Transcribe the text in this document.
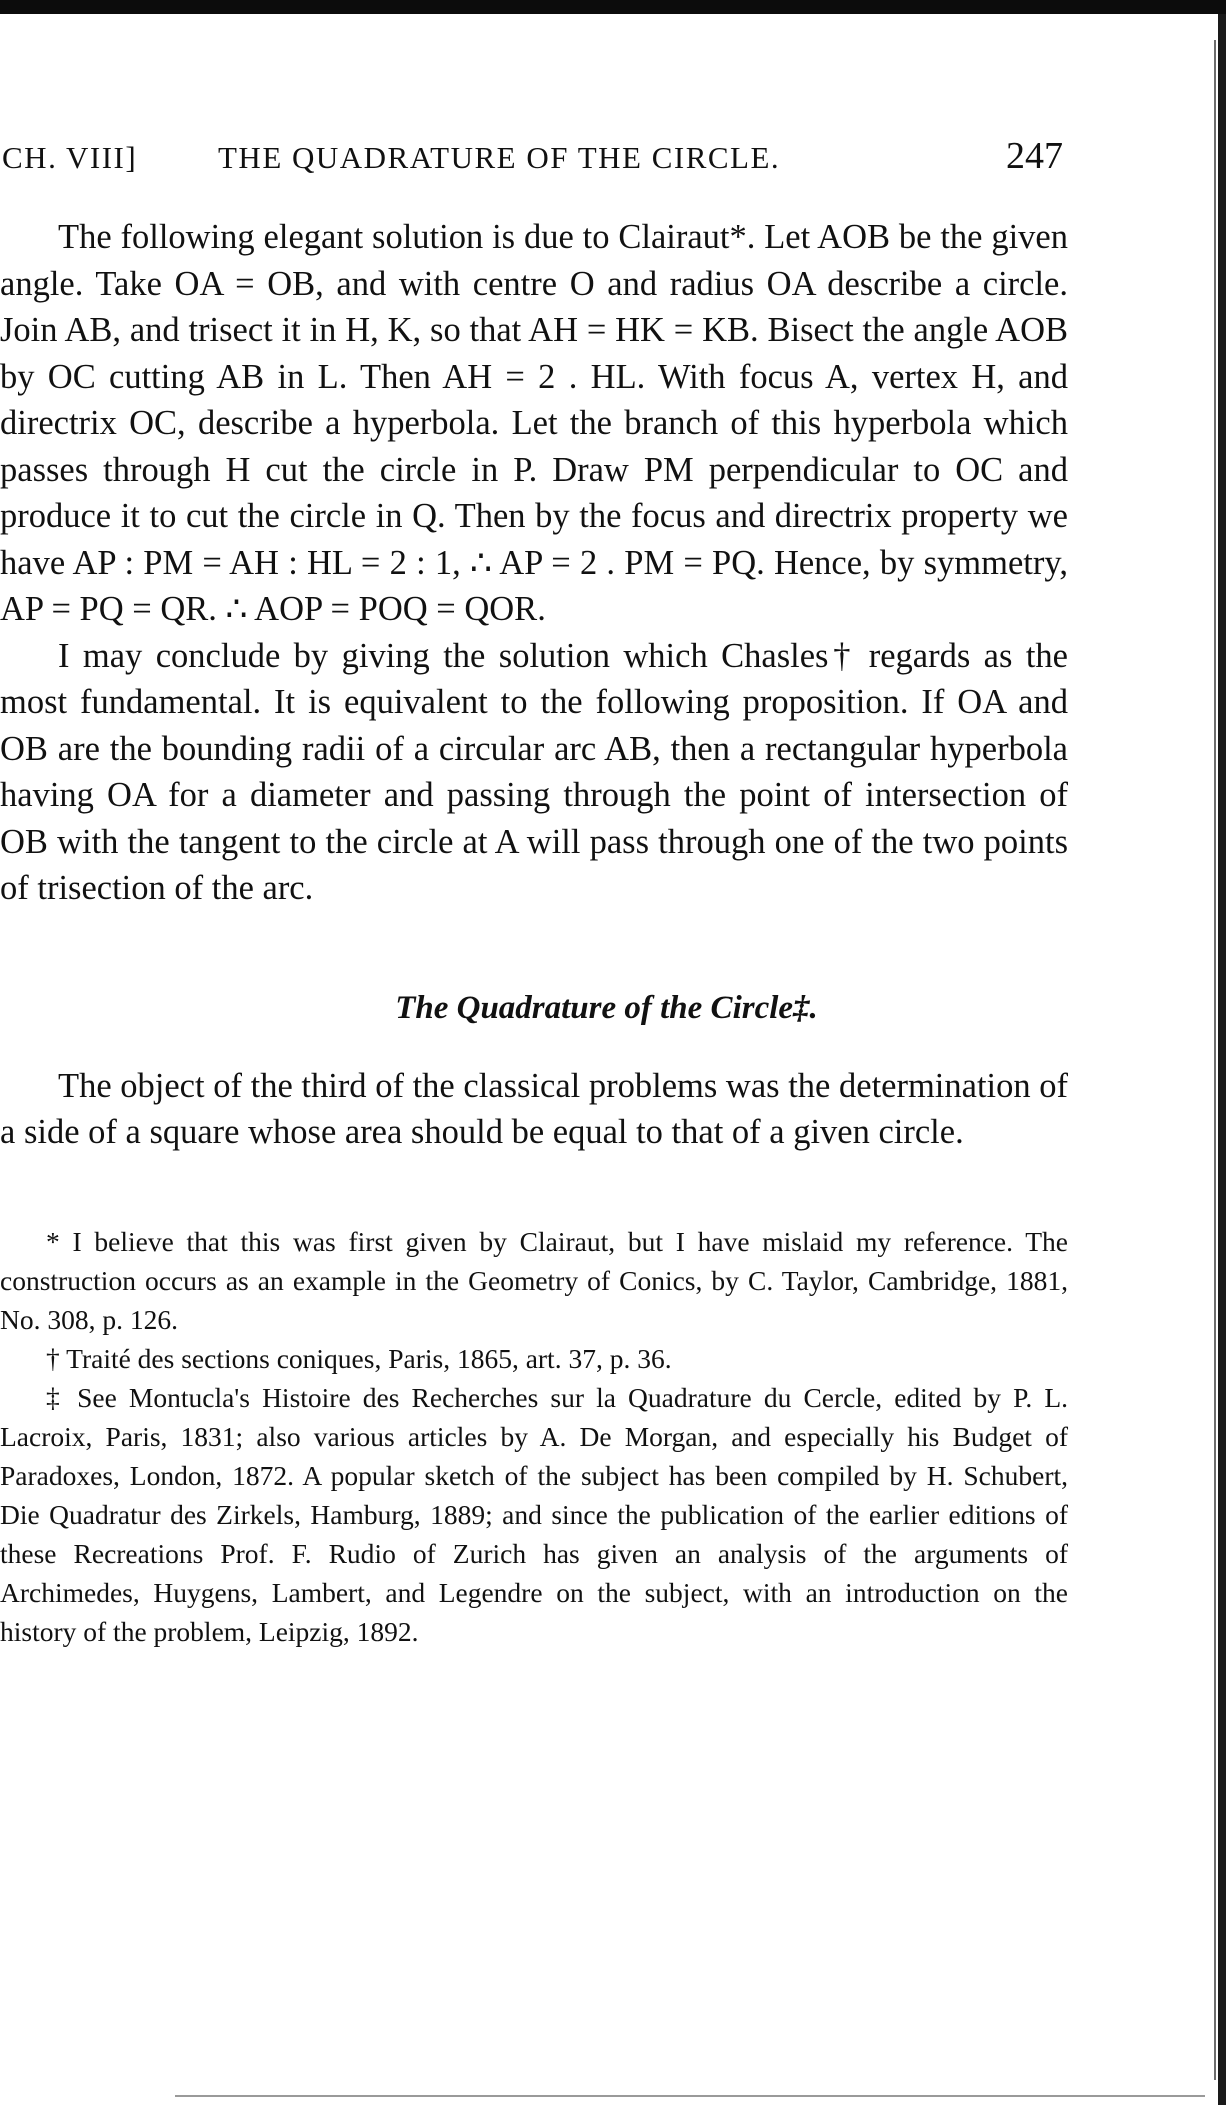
CH. VIII]	THE QUADRATURE OF THE CIRCLE.	247

The following elegant solution is due to Clairaut*. Let AOB be the given angle. Take OA = OB, and with centre O and radius OA describe a circle. Join AB, and trisect it in H, K, so that AH = HK = KB. Bisect the angle AOB by OC cutting AB in L. Then AH = 2 . HL. With focus A, vertex H, and directrix OC, describe a hyperbola. Let the branch of this hyperbola which passes through H cut the circle in P. Draw PM perpendicular to OC and produce it to cut the circle in Q. Then by the focus and directrix property we have AP : PM = AH : HL = 2 : 1, ∴ AP = 2 . PM = PQ. Hence, by symmetry, AP = PQ = QR. ∴ AOP = POQ = QOR.

I may conclude by giving the solution which Chasles† regards as the most fundamental. It is equivalent to the following proposition. If OA and OB are the bounding radii of a circular arc AB, then a rectangular hyperbola having OA for a diameter and passing through the point of intersection of OB with the tangent to the circle at A will pass through one of the two points of trisection of the arc.

The Quadrature of the Circle‡.

The object of the third of the classical problems was the determination of a side of a square whose area should be equal to that of a given circle.

* I believe that this was first given by Clairaut, but I have mislaid my reference. The construction occurs as an example in the Geometry of Conics, by C. Taylor, Cambridge, 1881, No. 308, p. 126.

† Traité des sections coniques, Paris, 1865, art. 37, p. 36.

‡ See Montucla's Histoire des Recherches sur la Quadrature du Cercle, edited by P. L. Lacroix, Paris, 1831; also various articles by A. De Morgan, and especially his Budget of Paradoxes, London, 1872. A popular sketch of the subject has been compiled by H. Schubert, Die Quadratur des Zirkels, Hamburg, 1889; and since the publication of the earlier editions of these Recreations Prof. F. Rudio of Zurich has given an analysis of the arguments of Archimedes, Huygens, Lambert, and Legendre on the subject, with an introduction on the history of the problem, Leipzig, 1892.
